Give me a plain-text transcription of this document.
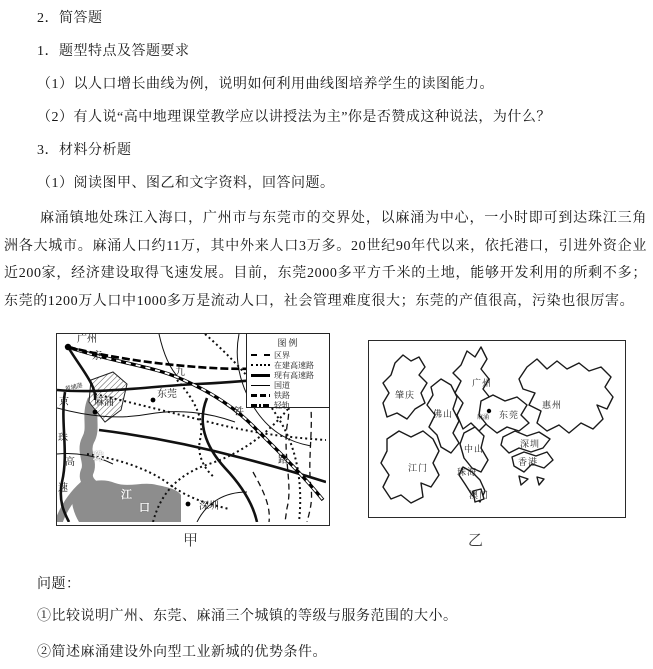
2．简答题
1．题型特点及答题要求
（1）以人口增长曲线为例，说明如何利用曲线图培养学生的读图能力。
（2）有人说“高中地理课堂教学应以讲授法为主”你是否赞成这种说法，为什么？
3．材料分析题
（1）阅读图甲、图乙和文字资料，回答问题。
麻涌镇地处珠江入海口，广州市与东莞市的交界处，以麻涌为中心，一小时即可到达珠江三角洲各大城市。麻涌人口约11万，其中外来人口3万多。20世纪90年代以来，依托港口，引进外资企业近200家，经济建设取得飞速发展。目前，东莞2000多平方千米的土地，能够开发利用的所剩不多；东莞的1200万人口中1000多万是流动人口，社会管理难度很大；东莞的产值很高，污染也很厉害。
图例
区界
在建高速路
现有高速路
国道
铁路
轻轨
广州
京
九
铁
路
东莞
麻涌
深圳
黄埔港
京
珠
高
速
珠
江
口
肇庆
广州
惠州
佛山	东莞
深圳
香港
中山
江门	珠海
澳门
麻涌
甲	乙
问题：
①比较说明广州、东莞、麻涌三个城镇的等级与服务范围的大小。
②简述麻涌建设外向型工业新城的优势条件。
